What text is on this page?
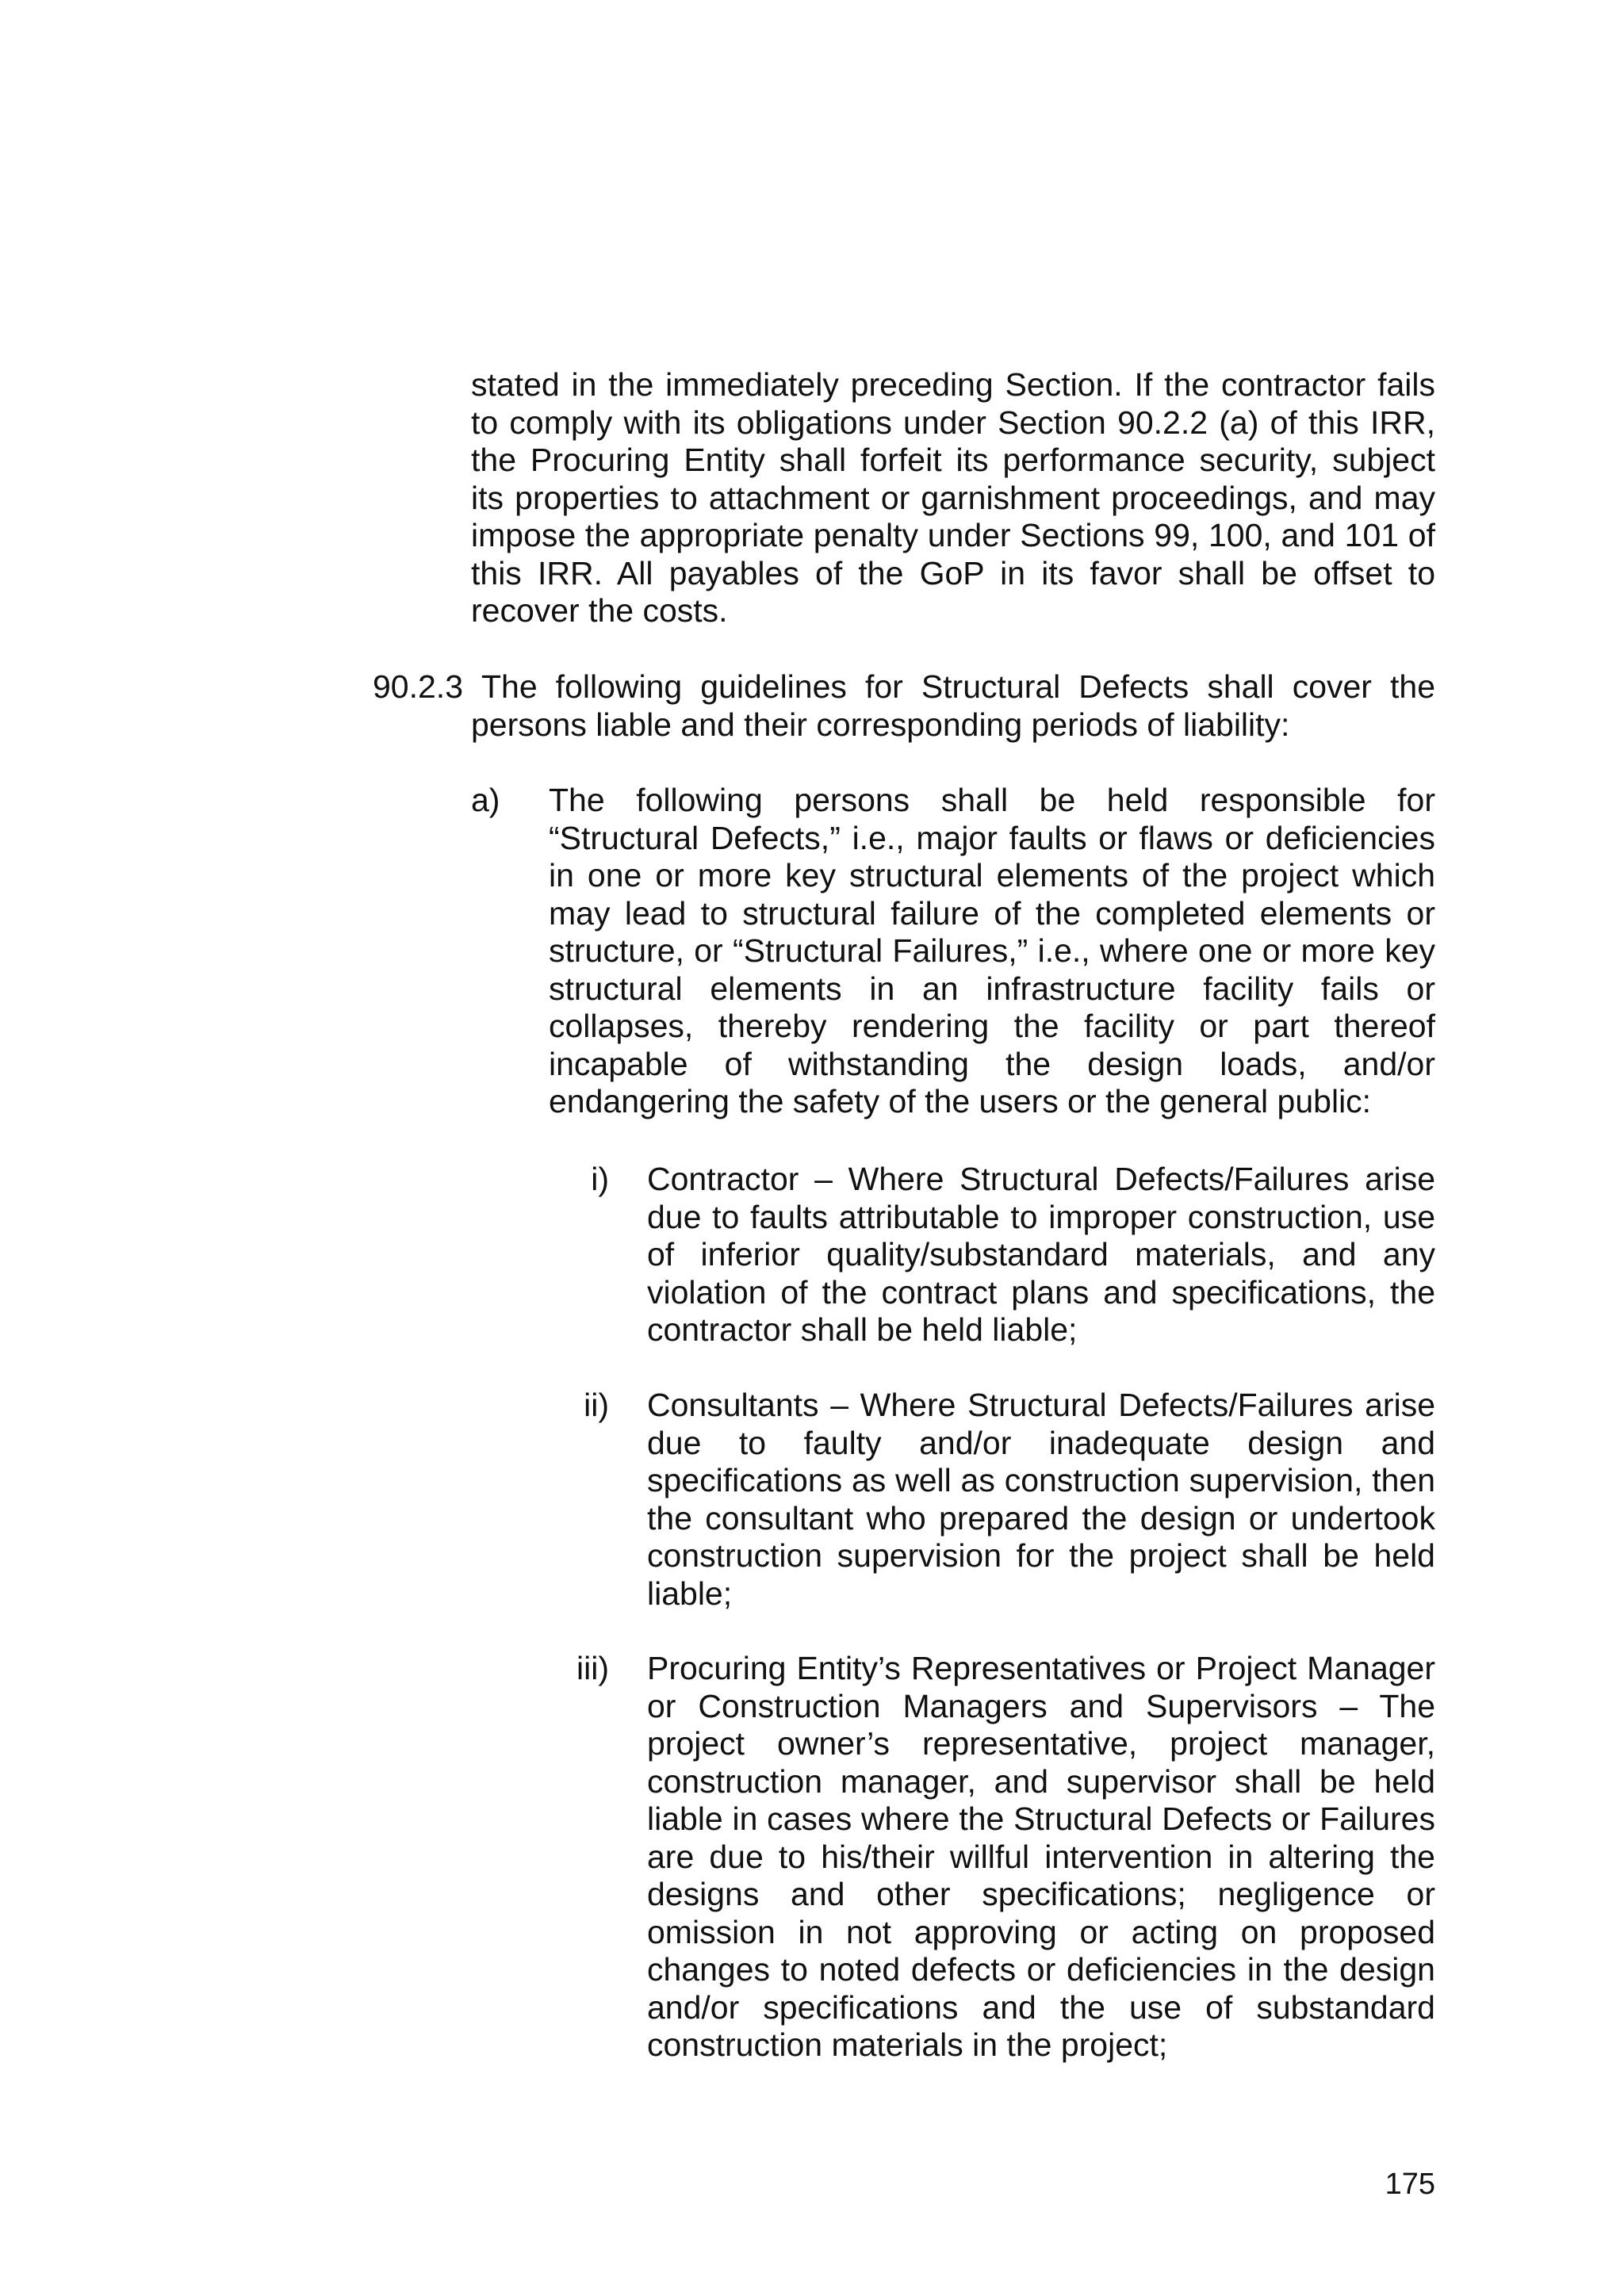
stated in the immediately preceding Section. If the contractor fails to comply with its obligations under Section 90.2.2 (a) of this IRR, the Procuring Entity shall forfeit its performance security, subject its properties to attachment or garnishment proceedings, and may impose the appropriate penalty under Sections 99, 100, and 101 of this IRR. All payables of the GoP in its favor shall be offset to recover the costs.

90.2.3 The following guidelines for Structural Defects shall cover the persons liable and their corresponding periods of liability:

a) The following persons shall be held responsible for “Structural Defects,” i.e., major faults or flaws or deficiencies in one or more key structural elements of the project which may lead to structural failure of the completed elements or structure, or “Structural Failures,” i.e., where one or more key structural elements in an infrastructure facility fails or collapses, thereby rendering the facility or part thereof incapable of withstanding the design loads, and/or endangering the safety of the users or the general public:

i) Contractor – Where Structural Defects/Failures arise due to faults attributable to improper construction, use of inferior quality/substandard materials, and any violation of the contract plans and specifications, the contractor shall be held liable;

ii) Consultants – Where Structural Defects/Failures arise due to faulty and/or inadequate design and specifications as well as construction supervision, then the consultant who prepared the design or undertook construction supervision for the project shall be held liable;

iii) Procuring Entity’s Representatives or Project Manager or Construction Managers and Supervisors – The project owner’s representative, project manager, construction manager, and supervisor shall be held liable in cases where the Structural Defects or Failures are due to his/their willful intervention in altering the designs and other specifications; negligence or omission in not approving or acting on proposed changes to noted defects or deficiencies in the design and/or specifications and the use of substandard construction materials in the project;

175
